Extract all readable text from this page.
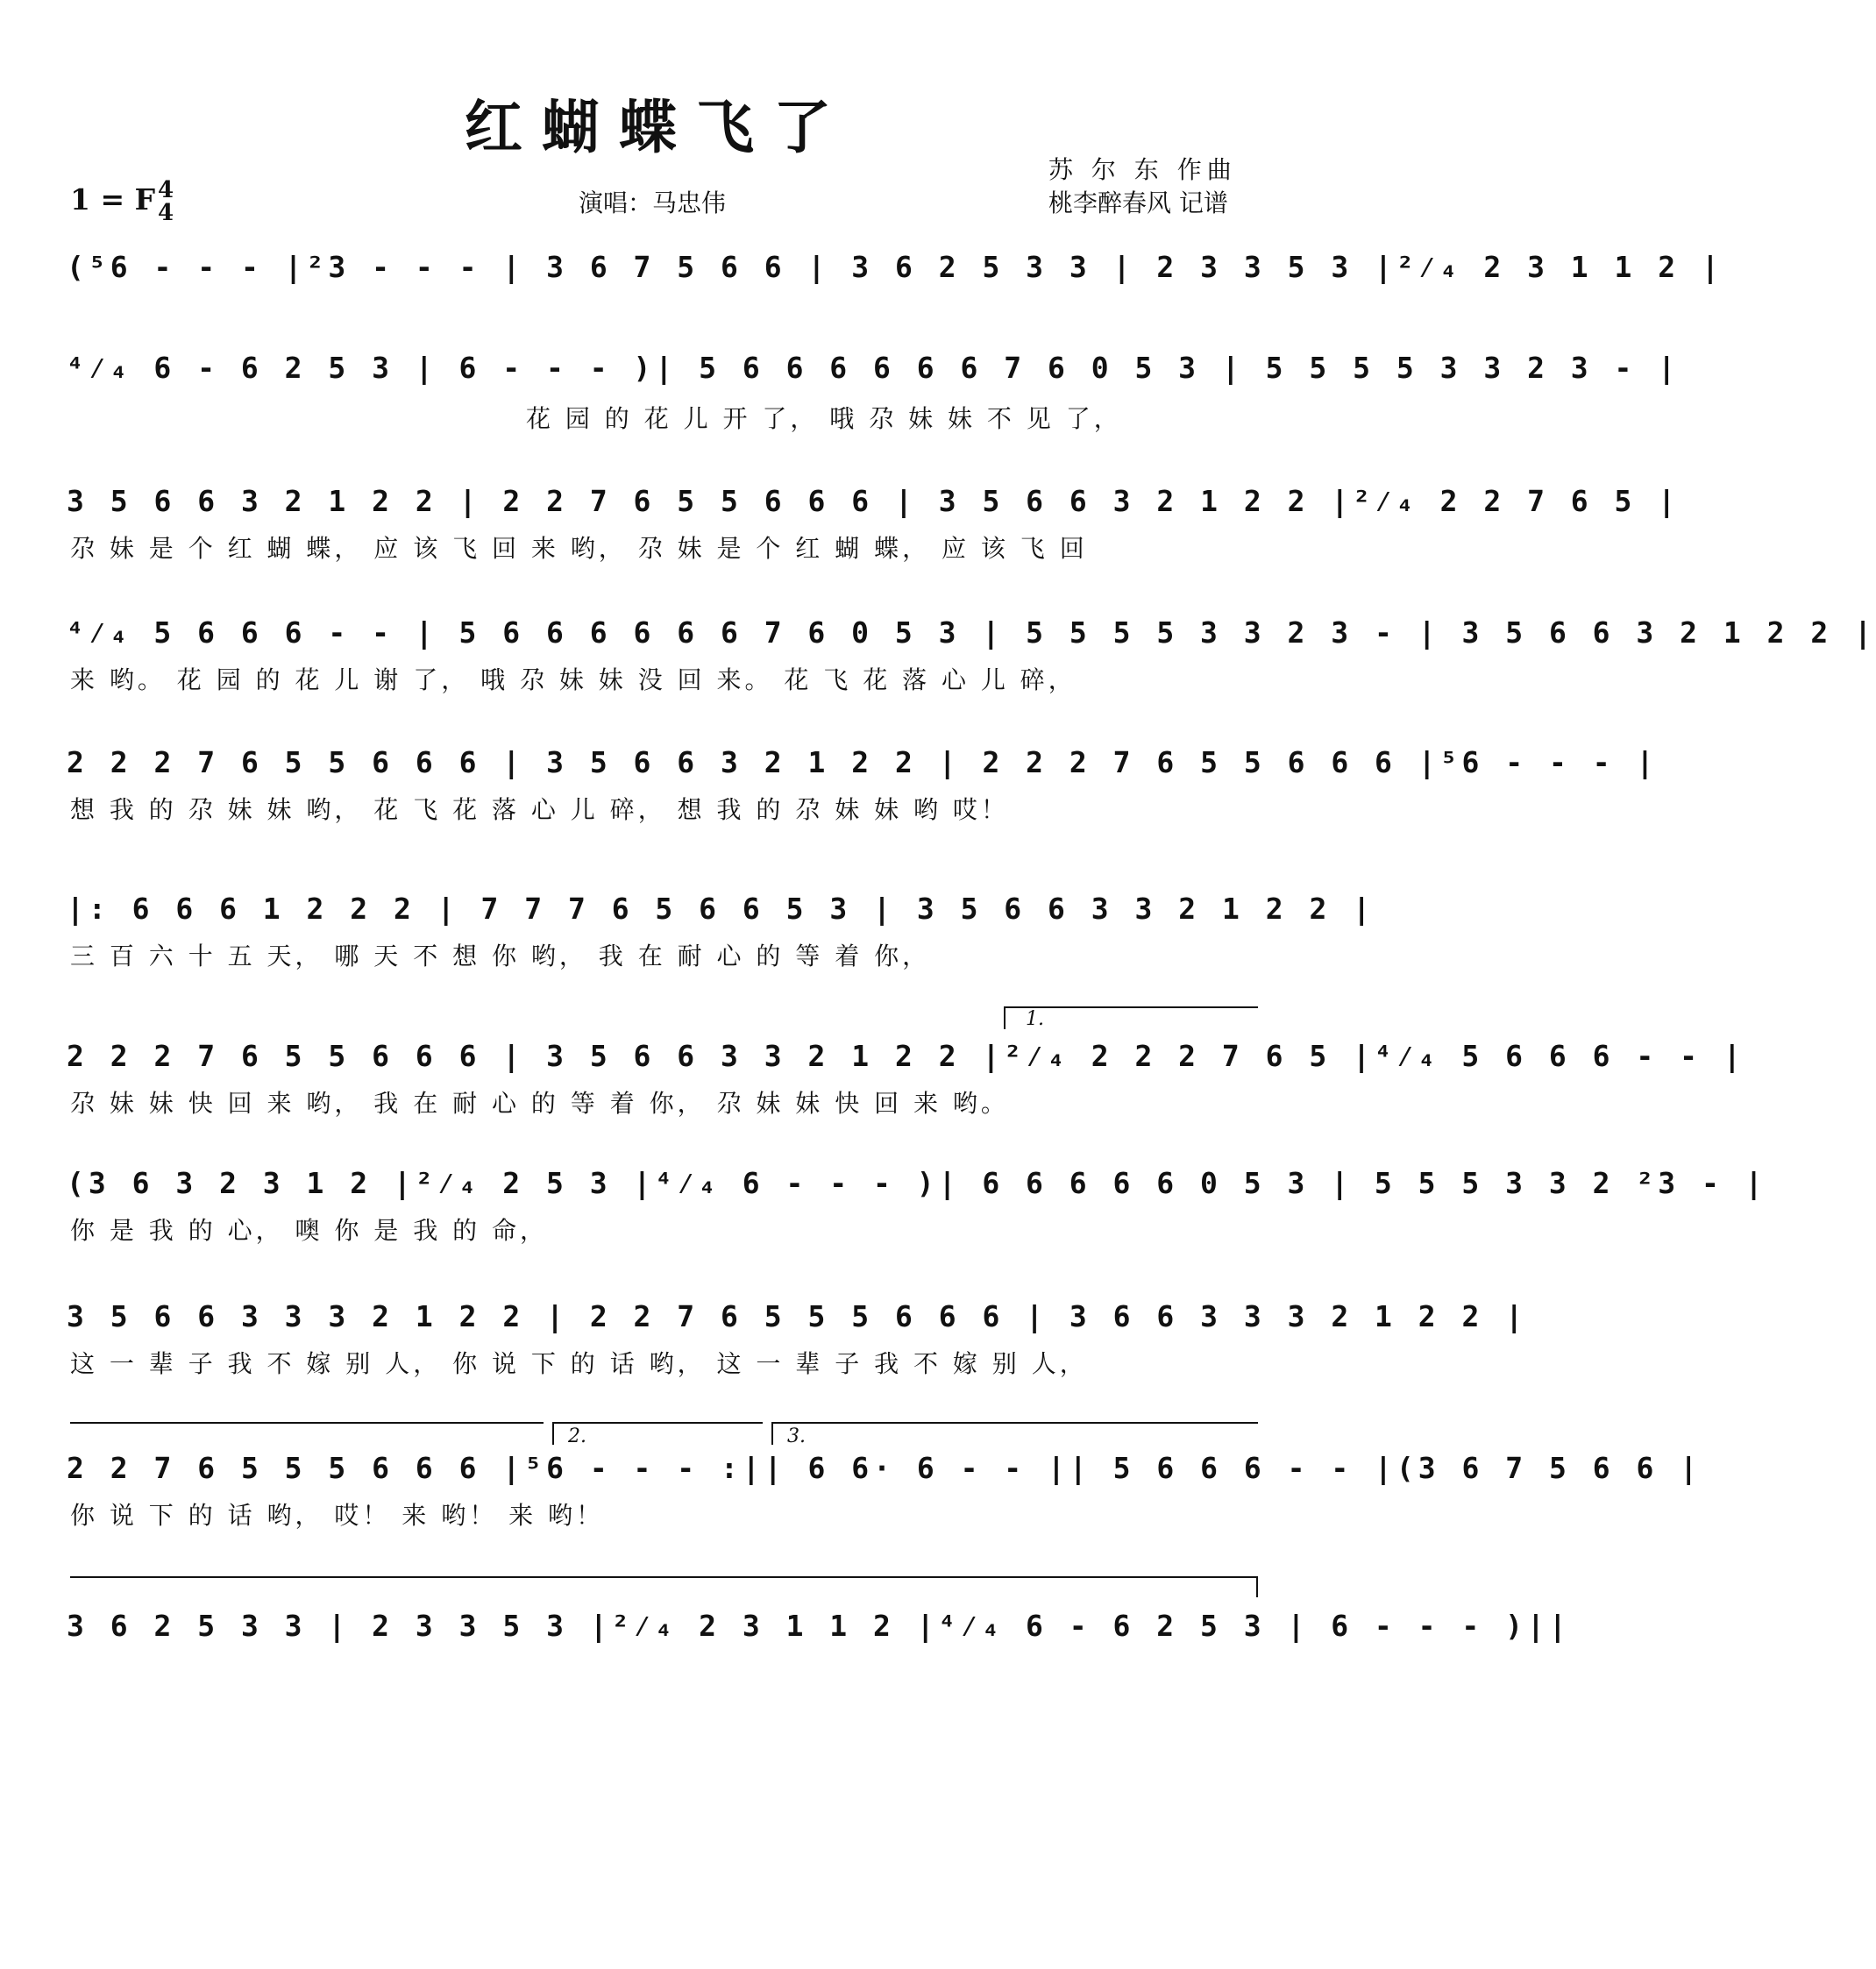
红蝴蝶飞了
苏 尔 东 作曲
桃李醉春风 记谱
演唱：马忠伟
1 = F 4
4
(⁵6 - - - |²3 - - - | 3 6 7 5 6 6 | 3 6 2 5 3 3 | 2 3 3 5 3 |²⁄₄ 2 3 1 1 2 |
⁴⁄₄ 6 - 6 2 5 3 | 6 - - - )| 5 6 6 6 6 6 6 7 6 0 5 3 | 5 5 5 5 3 3 2 3 - |
花 园 的 花 儿 开 了， 哦 尕 妹 妹 不 见 了，
3 5 6 6 3 2 1 2 2 | 2 2 7 6 5 5 6 6 6 | 3 5 6 6 3 2 1 2 2 |²⁄₄ 2 2 7 6 5 |
尕 妹 是 个 红 蝴 蝶， 应 该 飞 回 来 哟， 尕 妹 是 个 红 蝴 蝶， 应 该 飞 回
⁴⁄₄ 5 6 6 6 - - | 5 6 6 6 6 6 6 7 6 0 5 3 | 5 5 5 5 3 3 2 3 - | 3 5 6 6 3 2 1 2 2 |
来 哟。 花 园 的 花 儿 谢 了， 哦 尕 妹 妹 没 回 来。 花 飞 花 落 心 儿 碎，
2 2 2 7 6 5 5 6 6 6 | 3 5 6 6 3 2 1 2 2 | 2 2 2 7 6 5 5 6 6 6 |⁵6 - - - |
想 我 的 尕 妹 妹 哟， 花 飞 花 落 心 儿 碎， 想 我 的 尕 妹 妹 哟 哎！
|: 6 6 6 1 2 2 2 | 7 7 7 6 5 6 6 5 3 | 3 5 6 6 3 3 2 1 2 2 |
三 百 六 十 五 天， 哪 天 不 想 你 哟， 我 在 耐 心 的 等 着 你，
1.
2 2 2 7 6 5 5 6 6 6 | 3 5 6 6 3 3 2 1 2 2 |²⁄₄ 2 2 2 7 6 5 |⁴⁄₄ 5 6 6 6 - - |
尕 妹 妹 快 回 来 哟， 我 在 耐 心 的 等 着 你， 尕 妹 妹 快 回 来 哟。
(3 6 3 2 3 1 2 |²⁄₄ 2 5 3 |⁴⁄₄ 6 - - - )| 6 6 6 6 6 0 5 3 | 5 5 5 3 3 2 ²3 - |
你 是 我 的 心， 噢 你 是 我 的 命，
3 5 6 6 3 3 3 2 1 2 2 | 2 2 7 6 5 5 5 6 6 6 | 3 6 6 3 3 3 2 1 2 2 |
这 一 辈 子 我 不 嫁 别 人， 你 说 下 的 话 哟， 这 一 辈 子 我 不 嫁 别 人，
2.	3.
2 2 7 6 5 5 5 6 6 6 |⁵6 - - - :|| 6 6· 6 - - || 5 6 6 6 - - |(3 6 7 5 6 6 |
你 说 下 的 话 哟， 哎！ 来 哟！ 来 哟！
3 6 2 5 3 3 | 2 3 3 5 3 |²⁄₄ 2 3 1 1 2 |⁴⁄₄ 6 - 6 2 5 3 | 6 - - - )||
